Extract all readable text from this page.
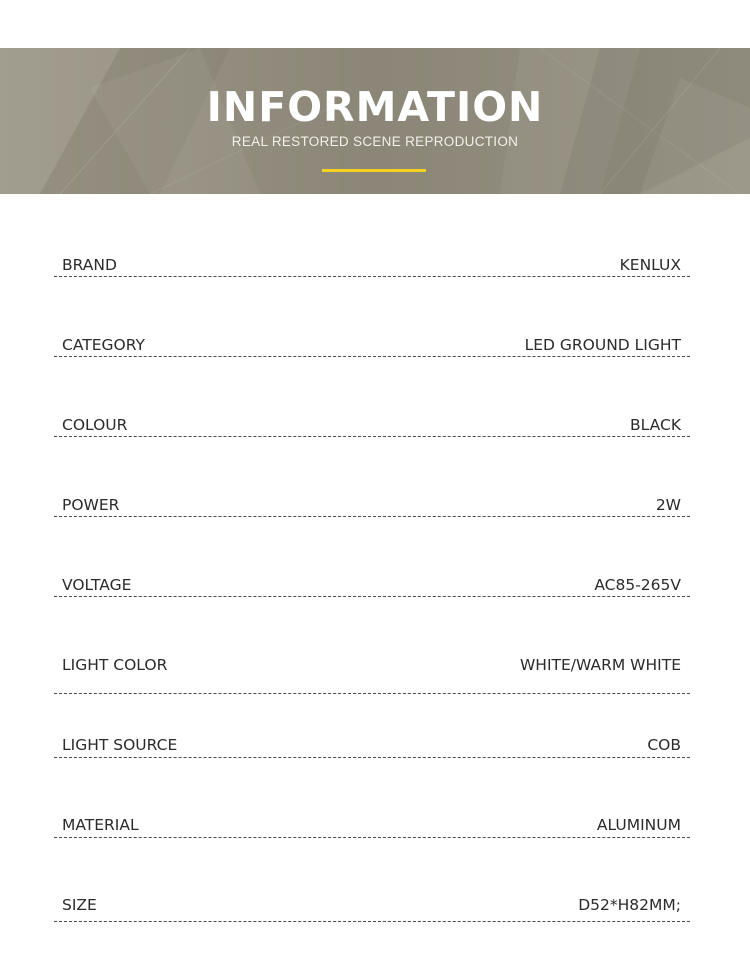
INFORMATION
REAL RESTORED SCENE REPRODUCTION
BRAND	KENLUX
CATEGORY	LED GROUND LIGHT
COLOUR	BLACK
POWER	2W
VOLTAGE	AC85-265V
LIGHT COLOR	WHITE/WARM WHITE
LIGHT SOURCE	COB
MATERIAL	ALUMINUM
SIZE	D52*H82MM;
